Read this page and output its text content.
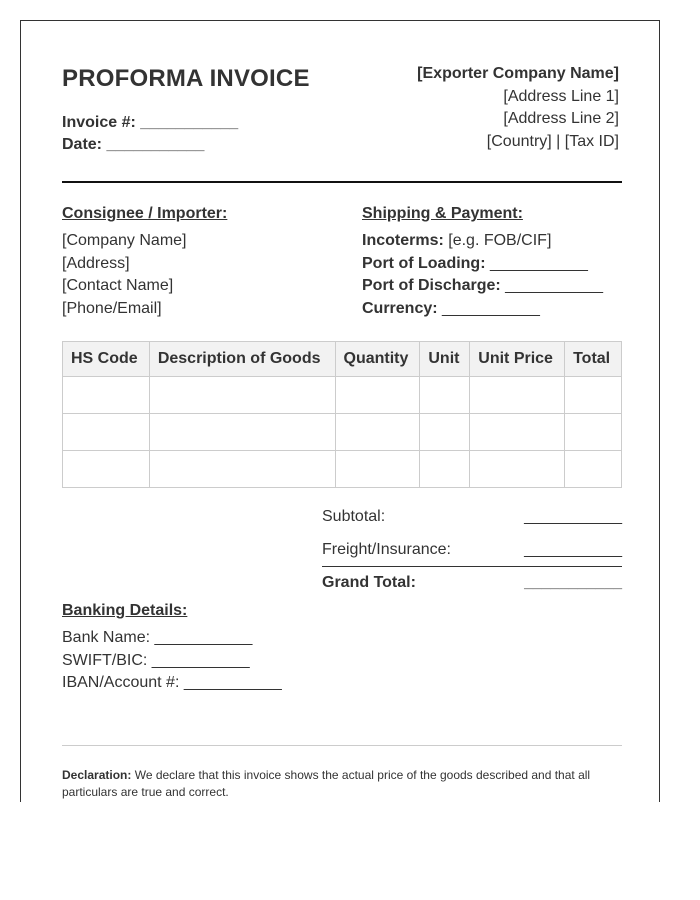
PROFORMA INVOICE
Invoice #: ___________
Date: ___________
[Exporter Company Name]
[Address Line 1]
[Address Line 2]
[Country] | [Tax ID]
Consignee / Importer:
[Company Name]
[Address]
[Contact Name]
[Phone/Email]
Shipping & Payment:
Incoterms: [e.g. FOB/CIF]
Port of Loading: ___________
Port of Discharge: ___________
Currency: ___________
HS Code	Description of Goods	Quantity	Unit	Unit Price	Total

Subtotal:	___________
Freight/Insurance:	___________
Grand Total:	___________
Banking Details:
Bank Name: ___________
SWIFT/BIC: ___________
IBAN/Account #: ___________
Declaration: We declare that this invoice shows the actual price of the goods described and that all particulars are true and correct.
